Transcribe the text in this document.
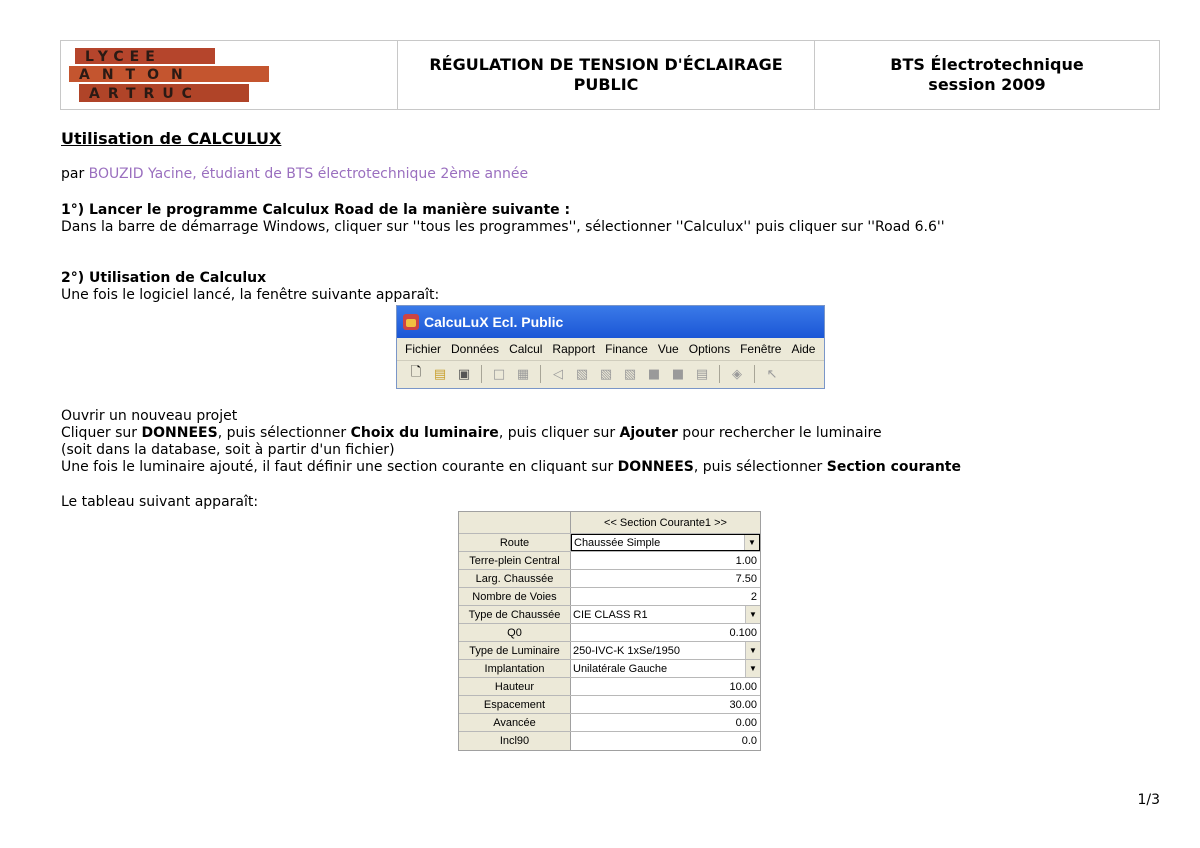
LYCEE
ANTON
ARTRUC
RÉGULATION DE TENSION D'ÉCLAIRAGE
PUBLIC
BTS Électrotechnique
session 2009
Utilisation de CALCULUX
par BOUZID Yacine, étudiant de BTS électrotechnique 2ème année
1°) Lancer le programme Calculux Road de la manière suivante :
Dans la barre de démarrage Windows, cliquer sur ''tous les programmes'', sélectionner ''Calculux'' puis cliquer sur ''Road 6.6''
2°) Utilisation de Calculux
Une fois le logiciel lancé, la fenêtre suivante apparaît:
CalcuLuX Ecl. Public
Fichier Données Calcul Rapport Finance Vue Options Fenêtre Aide
🗋 ▤ ▣ □ ▦	◁ ▧ ▧ ▧ ■ ■ ▤	◈	↖
Ouvrir un nouveau projet
Cliquer sur DONNEES, puis sélectionner Choix du luminaire, puis cliquer sur Ajouter pour rechercher le luminaire
(soit dans la database, soit à partir d'un fichier)
Une fois le luminaire ajouté, il faut définir une section courante en cliquant sur DONNEES, puis sélectionner Section courante
Le tableau suivant apparaît:
<< Section Courante1 >>
Route	Chaussée Simple	▼
Terre-plein Central	1.00
Larg. Chaussée	7.50
Nombre de Voies	2
Type de Chaussée	CIE CLASS R1	▼
Q0	0.100
Type de Luminaire	250-IVC-K 1xSe/1950	▼
Implantation	Unilatérale Gauche	▼
Hauteur	10.00
Espacement	30.00
Avancée	0.00
Incl90	0.0
1/3
